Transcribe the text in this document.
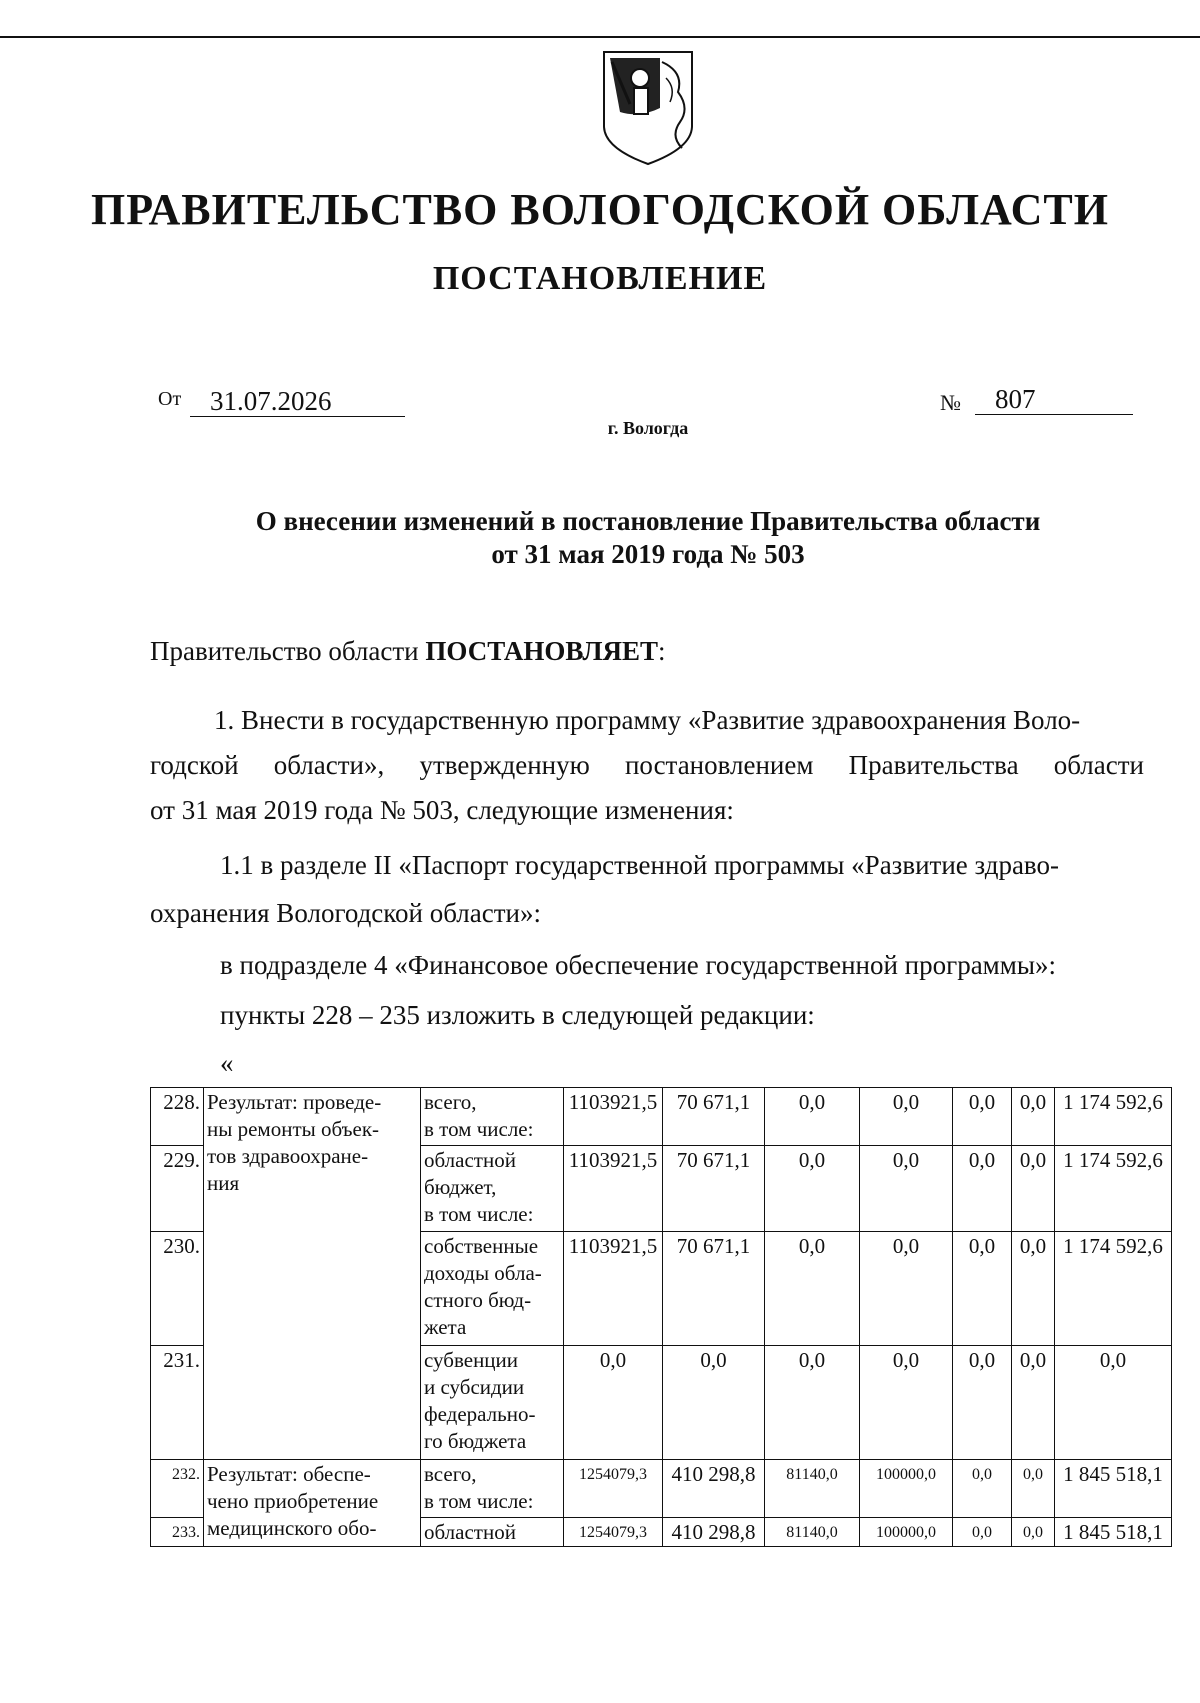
ПРАВИТЕЛЬСТВО ВОЛОГОДСКОЙ ОБЛАСТИ
ПОСТАНОВЛЕНИЕ
От	31.07.2026	№	807
г. Вологда
О внесении изменений в постановление Правительства области
от 31 мая 2019 года № 503
Правительство области ПОСТАНОВЛЯЕТ:
1. Внести в государственную программу «Развитие здравоохранения Воло-
годской области», утвержденную постановлением Правительства области
от 31 мая 2019 года № 503, следующие изменения:
1.1 в разделе II «Паспорт государственной программы «Развитие здраво-
охранения Вологодской области»:
в подразделе 4 «Финансовое обеспечение государственной программы»:
пункты 228 – 235 изложить в следующей редакции:
«
228.	Результат: проведе-
ны ремонты объек-
тов здравоохране-
ния	всего,
в том числе:	1103921,5	70 671,1	0,0	0,0	0,0	0,0	1 174 592,6
229.		областной
бюджет,
в том числе:	1103921,5	70 671,1	0,0	0,0	0,0	0,0	1 174 592,6
230.		собственные
доходы обла-
стного бюд-
жета	1103921,5	70 671,1	0,0	0,0	0,0	0,0	1 174 592,6
231.		субвенции
и субсидии
федерально-
го бюджета	0,0	0,0	0,0	0,0	0,0	0,0	0,0
232.	Результат: обеспе-
чено приобретение
медицинского обо-	всего,
в том числе:	1254079,3	410 298,8	81140,0	100000,0	0,0	0,0	1 845 518,1
233.		областной	1254079,3	410 298,8	81140,0	100000,0	0,0	0,0	1 845 518,1
